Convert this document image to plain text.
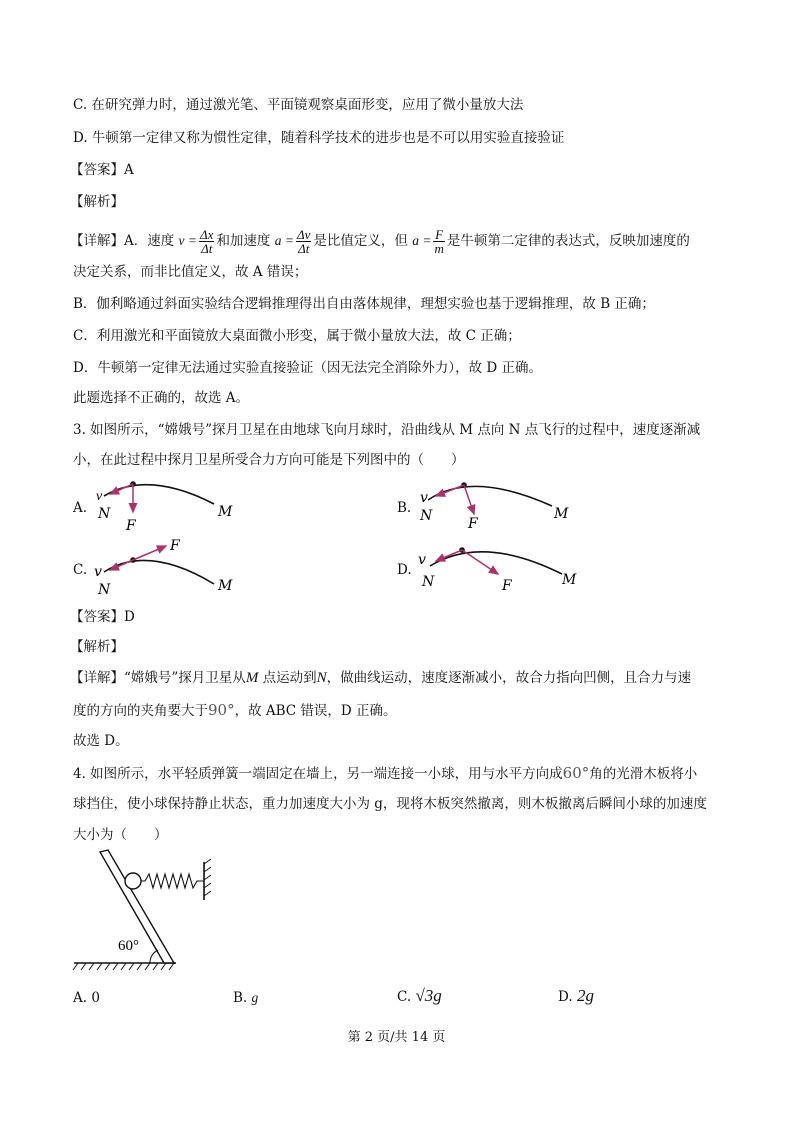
C. 在研究弹力时，通过激光笔、平面镜观察桌面形变，应用了微小量放大法
D. 牛顿第一定律又称为惯性定律，随着科学技术的进步也是不可以用实验直接验证
【答案】A
【解析】
【详解】A．速度 $v = \frac{\Delta x}{\Delta t}$ 和加速度 $a = \frac{\Delta v}{\Delta t}$ 是比值定义，但 $a = \frac{F}{m}$ 是牛顿第二定律的表达式，反映加速度的
决定关系，而非比值定义，故 A 错误；
B．伽利略通过斜面实验结合逻辑推理得出自由落体规律，理想实验也基于逻辑推理，故 B 正确；
C．利用激光和平面镜放大桌面微小形变，属于微小量放大法，故 C 正确；
D．牛顿第一定律无法通过实验直接验证（因无法完全消除外力），故 D 正确。
此题选择不正确的，故选 A。
3. 如图所示，“嫦娥号”探月卫星在由地球飞向月球时，沿曲线从 M 点向 N 点飞行的过程中，速度逐渐减
小，在此过程中探月卫星所受合力方向可能是下列图中的（　　）
A.
v
N
F
M	B.
v
N	F
M
C. v
N
F
M
D.
v
N	F	M
【答案】D
【解析】
【详解】“嫦娥号”探月卫星从M 点运动到N，做曲线运动，速度逐渐减小，故合力指向凹侧，且合力与速
度的方向的夹角要大于90°，故 ABC 错误，D 正确。
故选 D。
4. 如图所示，水平轻质弹簧一端固定在墙上，另一端连接一小球，用与水平方向成60°角的光滑木板将小
球挡住，使小球保持静止状态，重力加速度大小为 g，现将木板突然撤离，则木板撤离后瞬间小球的加速度
大小为（　　）
60°
A. 0	B. g	C. √3g	D. 2g
第 2 页/共 14 页
